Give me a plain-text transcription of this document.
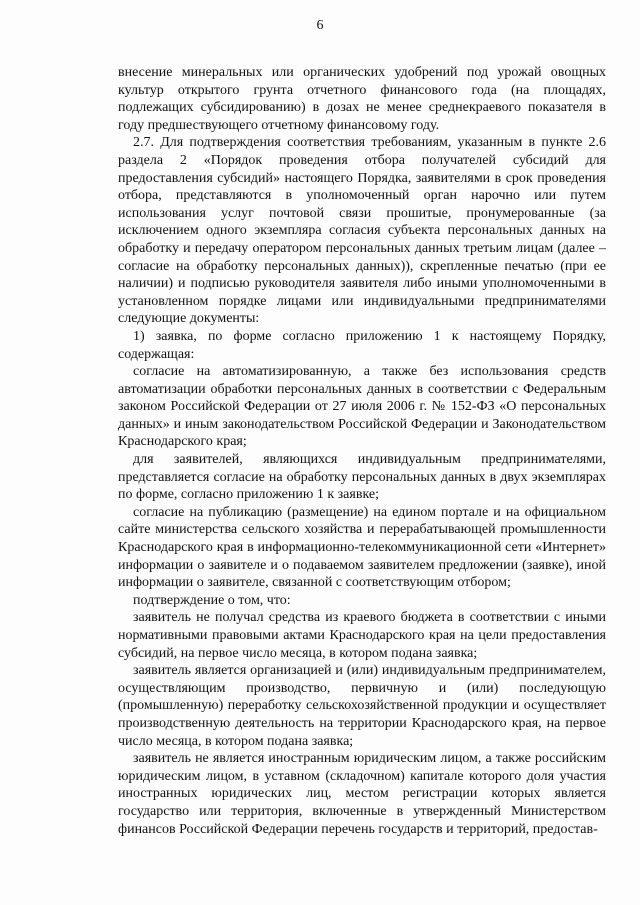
6

внесение минеральных или органических удобрений под урожай овощных культур открытого грунта отчетного финансового года (на площадях, подлежащих субсидированию) в дозах не менее среднекраевого показателя в году предшествующего отчетному финансовому году.

2.7. Для подтверждения соответствия требованиям, указанным в пункте 2.6 раздела 2 «Порядок проведения отбора получателей субсидий для предоставления субсидий» настоящего Порядка, заявителями в срок проведения отбора, представляются в уполномоченный орган нарочно или путем использования услуг почтовой связи прошитые, пронумерованные (за исключением одного экземпляра согласия субъекта персональных данных на обработку и передачу оператором персональных данных третьим лицам (далее – согласие на обработку персональных данных)), скрепленные печатью (при ее наличии) и подписью руководителя заявителя либо иными уполномоченными в установленном порядке лицами или индивидуальными предпринимателями следующие документы:

1) заявка, по форме согласно приложению 1 к настоящему Порядку, содержащая:

согласие на автоматизированную, а также без использования средств автоматизации обработки персональных данных в соответствии с Федеральным законом Российской Федерации от 27 июля 2006 г. № 152-ФЗ «О персональных данных» и иным законодательством Российской Федерации и Законодательством Краснодарского края;

для заявителей, являющихся индивидуальным предпринимателями, представляется согласие на обработку персональных данных в двух экземплярах по форме, согласно приложению 1 к заявке;

согласие на публикацию (размещение) на едином портале и на официальном сайте министерства сельского хозяйства и перерабатывающей промышленности Краснодарского края в информационно-телекоммуникационной сети «Интернет» информации о заявителе и о подаваемом заявителем предложении (заявке), иной информации о заявителе, связанной с соответствующим отбором;

подтверждение о том, что:

заявитель не получал средства из краевого бюджета в соответствии с иными нормативными правовыми актами Краснодарского края на цели предоставления субсидий, на первое число месяца, в котором подана заявка;

заявитель является организацией и (или) индивидуальным предпринимателем, осуществляющим производство, первичную и (или) последующую (промышленную) переработку сельскохозяйственной продукции и осуществляет производственную деятельность на территории Краснодарского края, на первое число месяца, в котором подана заявка;

заявитель не является иностранным юридическим лицом, а также российским юридическим лицом, в уставном (складочном) капитале которого доля участия иностранных юридических лиц, местом регистрации которых является государство или территория, включенные в утвержденный Министерством финансов Российской Федерации перечень государств и территорий, предостав-
